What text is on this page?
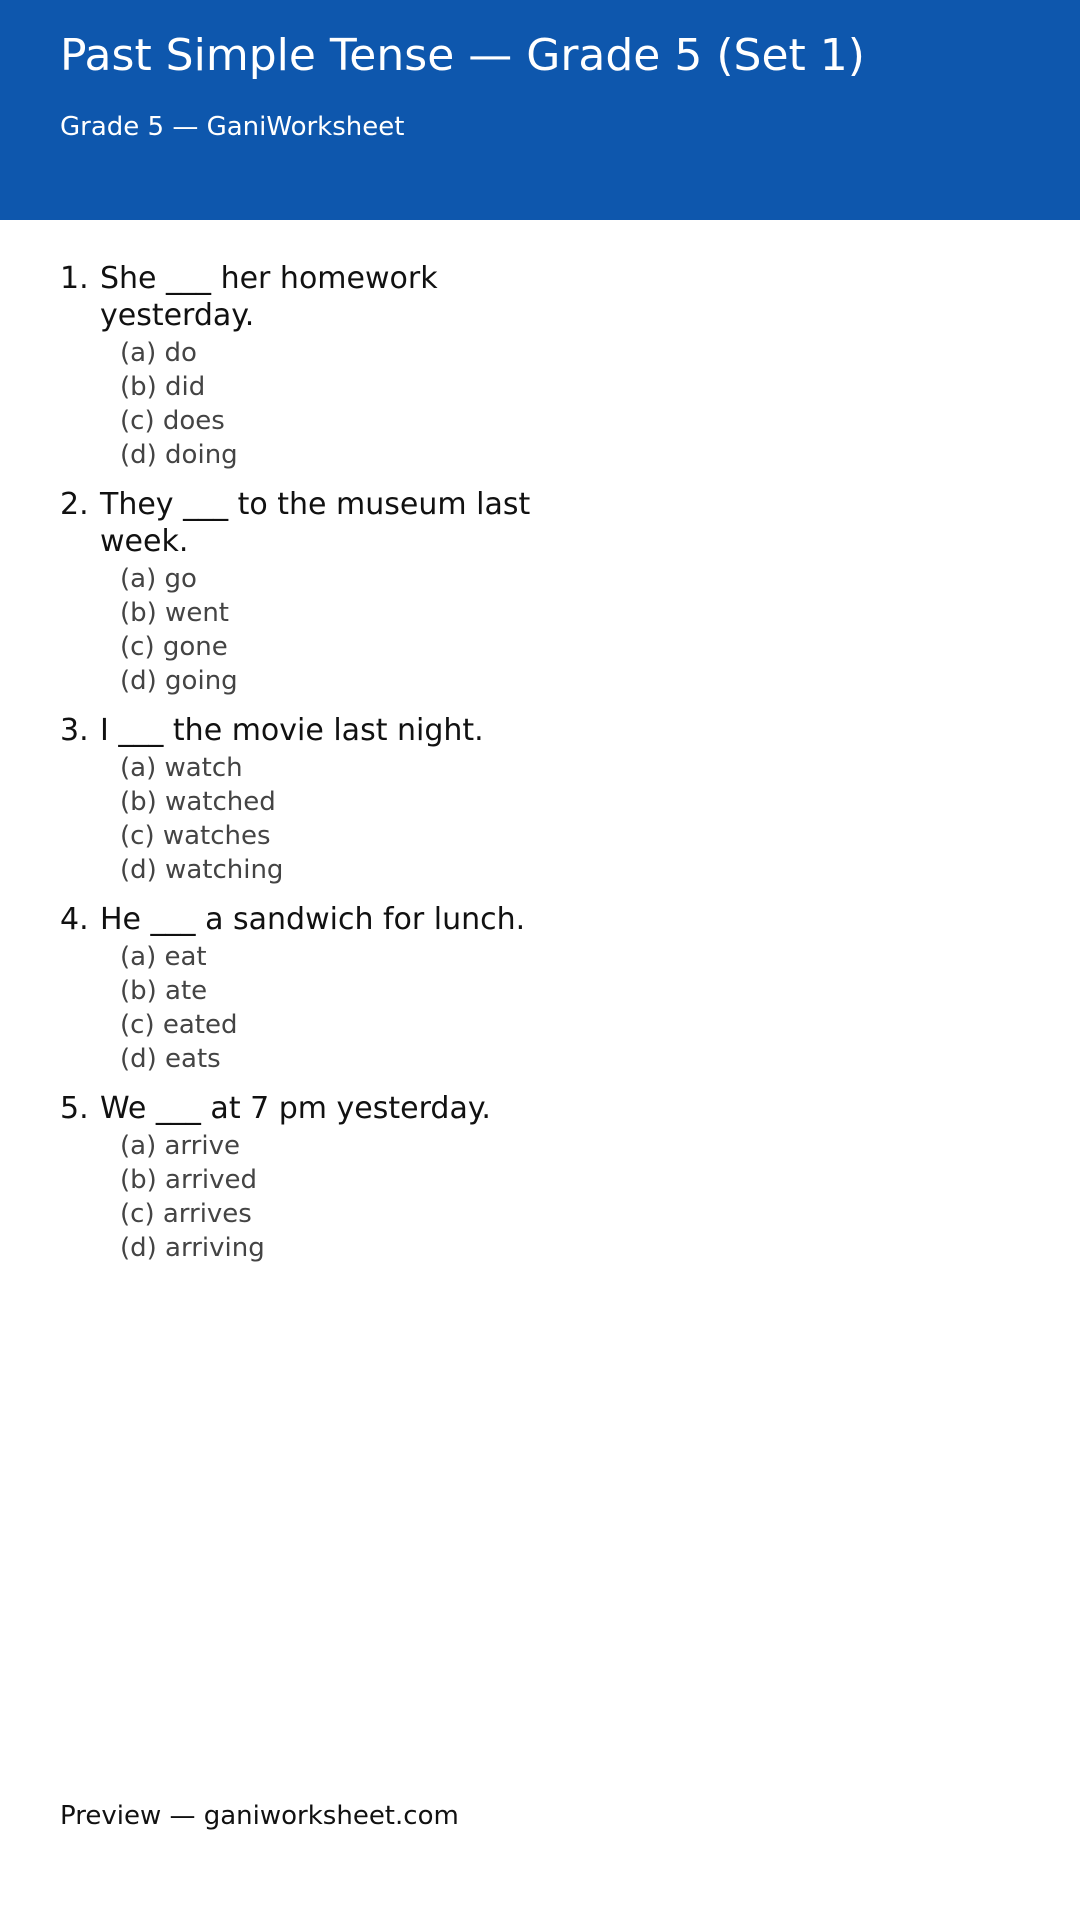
Past Simple Tense — Grade 5 (Set 1)
Grade 5 — GaniWorksheet
1. She ___ her homework yesterday.
(a) do
(b) did
(c) does
(d) doing
2. They ___ to the museum last week.
(a) go
(b) went
(c) gone
(d) going
3. I ___ the movie last night.
(a) watch
(b) watched
(c) watches
(d) watching
4. He ___ a sandwich for lunch.
(a) eat
(b) ate
(c) eated
(d) eats
5. We ___ at 7 pm yesterday.
(a) arrive
(b) arrived
(c) arrives
(d) arriving
Preview — ganiworksheet.com
